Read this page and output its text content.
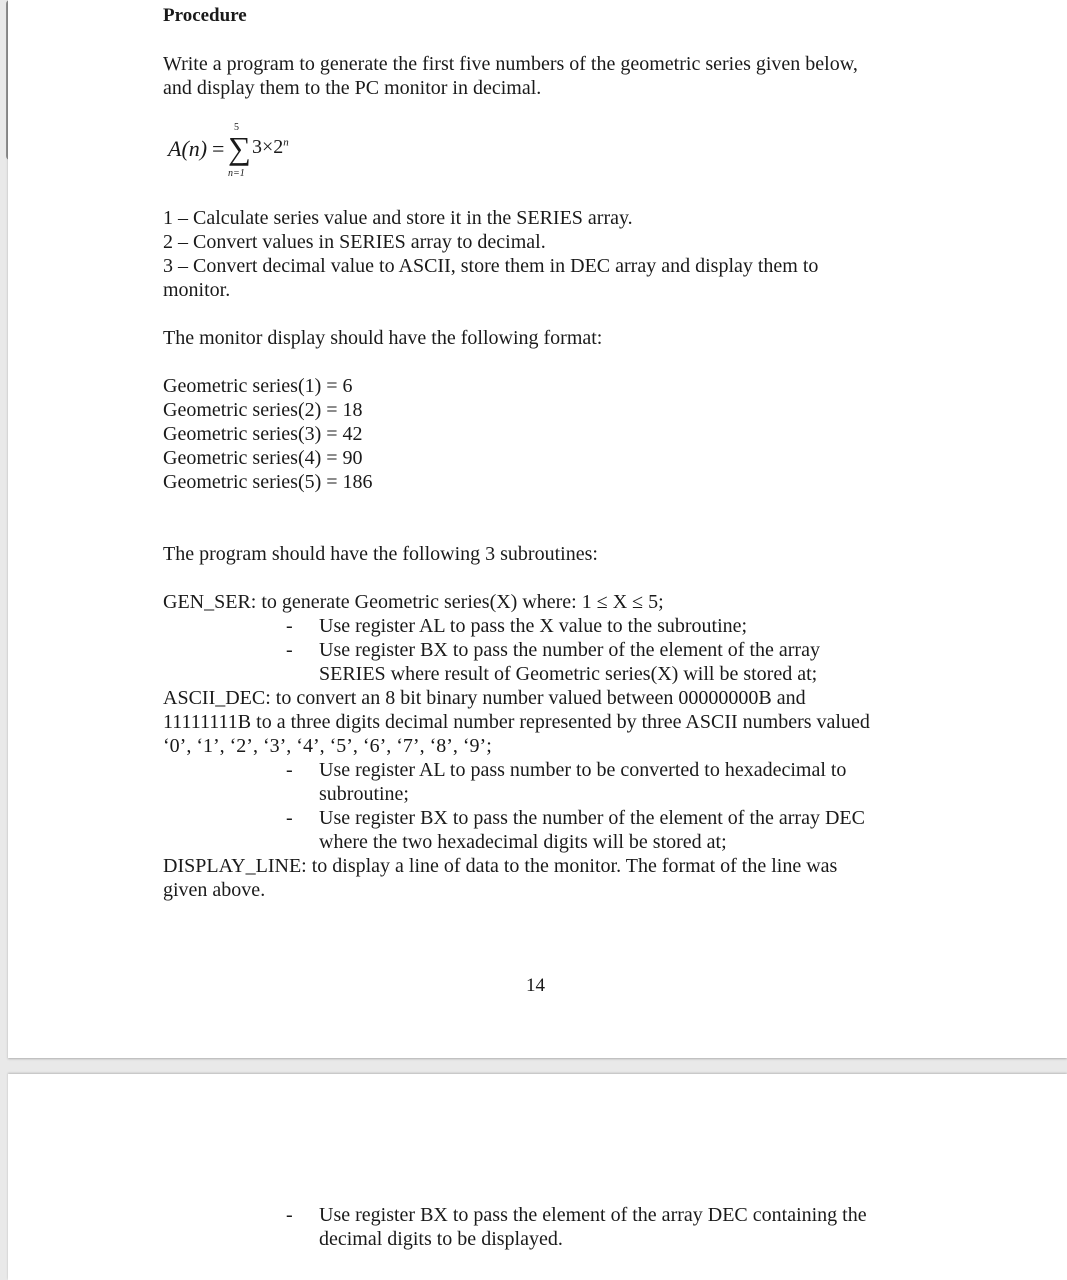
Procedure

Write a program to generate the first five numbers of the geometric series given below,

and display them to the PC monitor in decimal.

A(n) =
5
∑
n=1
$3\times 2^n$

1 – Calculate series value and store it in the SERIES array.

2 – Convert values in SERIES array to decimal.

3 – Convert decimal value to ASCII, store them in DEC array and display them to

monitor.

The monitor display should have the following format:

Geometric series(1) = 6

Geometric series(2) = 18

Geometric series(3) = 42

Geometric series(4) = 90

Geometric series(5) = 186

The program should have the following 3 subroutines:

GEN_SER: to generate Geometric series(X) where: 1 ≤ X ≤ 5;

- Use register AL to pass the X value to the subroutine;
- Use register BX to pass the number of the element of the array
SERIES where result of Geometric series(X) will be stored at;

ASCII_DEC: to convert an 8 bit binary number valued between 00000000B and

11111111B to a three digits decimal number represented by three ASCII numbers valued

‘0’, ‘1’, ‘2’, ‘3’, ‘4’, ‘5’, ‘6’, ‘7’, ‘8’, ‘9’;

- Use register AL to pass number to be converted to hexadecimal to
subroutine;
- Use register BX to pass the number of the element of the array DEC
where the two hexadecimal digits will be stored at;

DISPLAY_LINE: to display a line of data to the monitor. The format of the line was

given above.

14
- Use register BX to pass the element of the array DEC containing the
decimal digits to be displayed.
